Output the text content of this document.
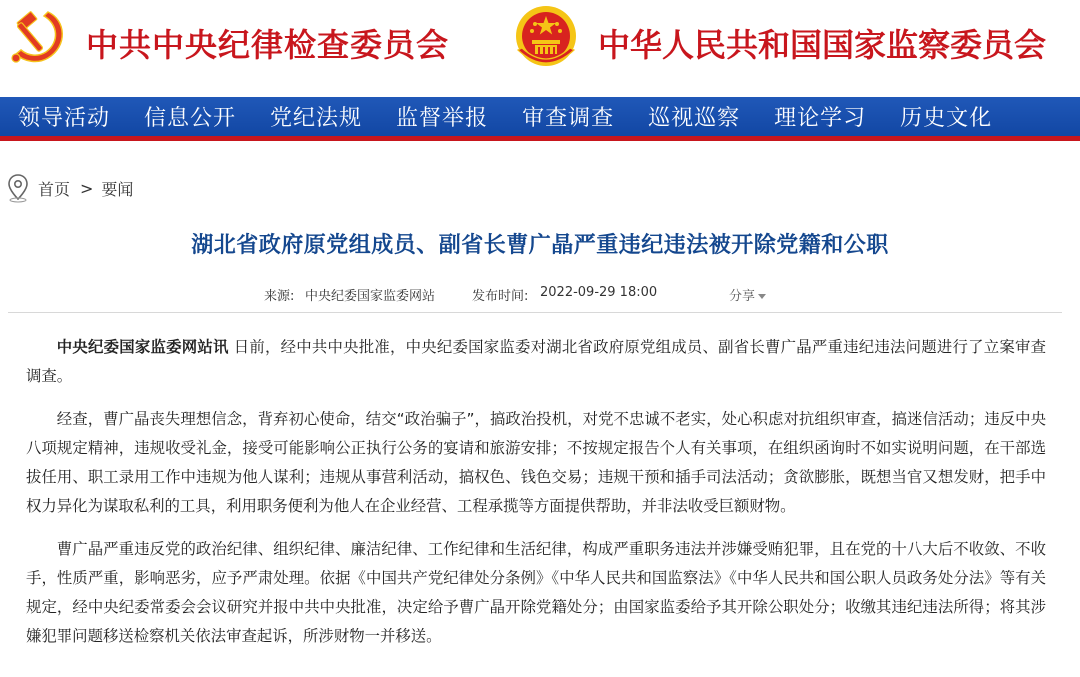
中共中央纪律检查委员会	中华人民共和国国家监察委员会
领导活动 信息公开 党纪法规 监督举报 审查调查 巡视巡察 理论学习 历史文化
首页 > 要闻
湖北省政府原党组成员、副省长曹广晶严重违纪违法被开除党籍和公职
来源: 中央纪委国家监委网站	发布时间: 2022-09-29 18:00	分享

中央纪委国家监委网站讯 日前，经中共中央批准，中央纪委国家监委对湖北省政府原党组成员、副省长曹广晶严重违纪违法问题进行了立案审查调查。

经查，曹广晶丧失理想信念，背弃初心使命，结交“政治骗子”，搞政治投机，对党不忠诚不老实，处心积虑对抗组织审查，搞迷信活动；违反中央八项规定精神，违规收受礼金，接受可能影响公正执行公务的宴请和旅游安排；不按规定报告个人有关事项，在组织函询时不如实说明问题，在干部选拔任用、职工录用工作中违规为他人谋利；违规从事营利活动，搞权色、钱色交易；违规干预和插手司法活动；贪欲膨胀，既想当官又想发财，把手中权力异化为谋取私利的工具，利用职务便利为他人在企业经营、工程承揽等方面提供帮助，并非法收受巨额财物。

曹广晶严重违反党的政治纪律、组织纪律、廉洁纪律、工作纪律和生活纪律，构成严重职务违法并涉嫌受贿犯罪，且在党的十八大后不收敛、不收手，性质严重，影响恶劣，应予严肃处理。依据《中国共产党纪律处分条例》《中华人民共和国监察法》《中华人民共和国公职人员政务处分法》等有关规定，经中央纪委常委会会议研究并报中共中央批准，决定给予曹广晶开除党籍处分；由国家监委给予其开除公职处分；收缴其违纪违法所得；将其涉嫌犯罪问题移送检察机关依法审查起诉，所涉财物一并移送。
